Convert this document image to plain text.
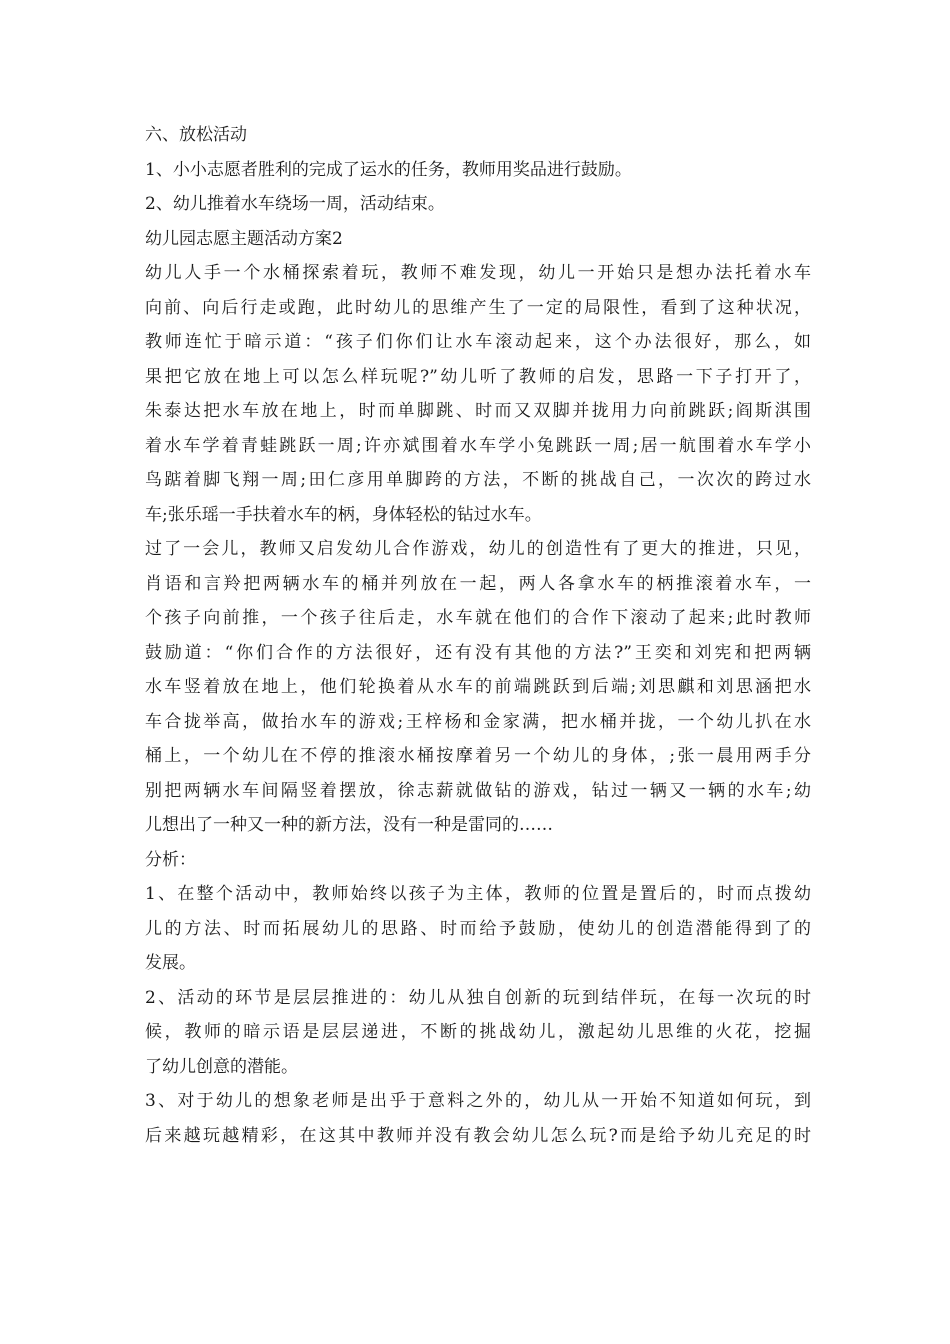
六、放松活动
1、小小志愿者胜利的完成了运水的任务，教师用奖品进行鼓励。
2、幼儿推着水车绕场一周，活动结束。
幼儿园志愿主题活动方案2
幼儿人手一个水桶探索着玩，教师不难发现，幼儿一开始只是想办法托着水车
向前、向后行走或跑，此时幼儿的思维产生了一定的局限性，看到了这种状况，
教师连忙于暗示道：“孩子们你们让水车滚动起来，这个办法很好，那么，如
果把它放在地上可以怎么样玩呢?”幼儿听了教师的启发，思路一下子打开了，
朱泰达把水车放在地上，时而单脚跳、时而又双脚并拢用力向前跳跃;阎斯淇围
着水车学着青蛙跳跃一周;许亦斌围着水车学小兔跳跃一周;居一航围着水车学小
鸟踮着脚飞翔一周;田仁彦用单脚跨的方法，不断的挑战自己，一次次的跨过水
车;张乐瑶一手扶着水车的柄，身体轻松的钻过水车。
过了一会儿，教师又启发幼儿合作游戏，幼儿的创造性有了更大的推进，只见，
肖语和言羚把两辆水车的桶并列放在一起，两人各拿水车的柄推滚着水车，一
个孩子向前推，一个孩子往后走，水车就在他们的合作下滚动了起来;此时教师
鼓励道：“你们合作的方法很好，还有没有其他的方法?”王奕和刘宪和把两辆
水车竖着放在地上，他们轮换着从水车的前端跳跃到后端;刘思麒和刘思涵把水
车合拢举高，做抬水车的游戏;王梓杨和金家满，把水桶并拢，一个幼儿扒在水
桶上，一个幼儿在不停的推滚水桶按摩着另一个幼儿的身体，;张一晨用两手分
别把两辆水车间隔竖着摆放，徐志薪就做钻的游戏，钻过一辆又一辆的水车;幼
儿想出了一种又一种的新方法，没有一种是雷同的……
分析：
1、在整个活动中，教师始终以孩子为主体，教师的位置是置后的，时而点拨幼
儿的方法、时而拓展幼儿的思路、时而给予鼓励，使幼儿的创造潜能得到了的
发展。
2、活动的环节是层层推进的：幼儿从独自创新的玩到结伴玩，在每一次玩的时
候，教师的暗示语是层层递进，不断的挑战幼儿，激起幼儿思维的火花，挖掘
了幼儿创意的潜能。
3、对于幼儿的想象老师是出乎于意料之外的，幼儿从一开始不知道如何玩，到
后来越玩越精彩，在这其中教师并没有教会幼儿怎么玩?而是给予幼儿充足的时
